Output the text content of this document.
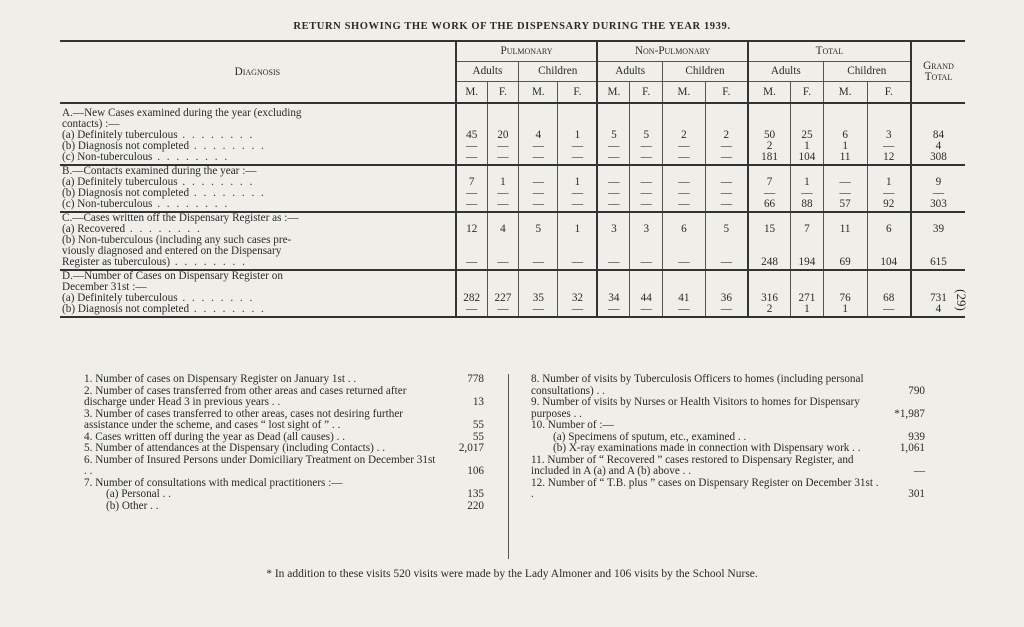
RETURN SHOWING THE WORK OF THE DISPENSARY DURING THE YEAR 1939.
(29)
Diagnosis	Pulmonary				Non-Pulmonary				Total				Grand Total
	Adults		Children		Adults		Children		Adults		Children		
	M.	F.	M.	F.	M.	F.	M.	F.	M.	F.	M.	F.	
A.—New Cases examined during the year (excluding													
contacts) :—													
(a) Definitely tuberculous . . . . . . . .	45	20	4	1	5	5	2	2	50	25	6	3	84
(b) Diagnosis not completed . . . . . . . .	—	—	—	—	—	—	—	—	2	1	1	—	4
(c) Non-tuberculous . . . . . . . .	—	—	—	—	—	—	—	—	181	104	11	12	308
B.—Contacts examined during the year :—													
(a) Definitely tuberculous . . . . . . . .	7	1	—	1	—	—	—	—	7	1	—	1	9
(b) Diagnosis not completed . . . . . . . .	—	—	—	—	—	—	—	—	—	—	—	—	—
(c) Non-tuberculous . . . . . . . .	—	—	—	—	—	—	—	—	66	88	57	92	303
C.—Cases written off the Dispensary Register as :—													
(a) Recovered . . . . . . . .	12	4	5	1	3	3	6	5	15	7	11	6	39
(b) Non-tuberculous (including any such cases pre-													
viously diagnosed and entered on the Dispensary													
Register as tuberculous) . . . . . . . .	—	—	—	—	—	—	—	—	248	194	69	104	615
D.—Number of Cases on Dispensary Register on													
December 31st :—													
(a) Definitely tuberculous . . . . . . . .	282	227	35	32	34	44	41	36	316	271	76	68	731
(b) Diagnosis not completed . . . . . . . .	—	—	—	—	—	—	—	—	2	1	1	—	4
1. Number of cases on Dispensary Register on January 1st . .	778
2. Number of cases transferred from other areas and cases returned after discharge under Head 3 in previous years . .	13
3. Number of cases transferred to other areas, cases not desiring further assistance under the scheme, and cases “ lost sight of ” . .	55
4. Cases written off during the year as Dead (all causes) . .	55
5. Number of attendances at the Dispensary (including Contacts) . .	2,017
6. Number of Insured Persons under Domiciliary Treatment on December 31st . .	106
7. Number of consultations with medical practitioners :—
(a) Personal . .	135
(b) Other . .	220
8. Number of visits by Tuberculosis Officers to homes (including personal consultations) . .	790
9. Number of visits by Nurses or Health Visitors to homes for Dispensary purposes . .	*1,987
10. Number of :—
(a) Specimens of sputum, etc., examined . .	939
(b) X-ray examinations made in connection with Dispensary work . .	1,061
11. Number of “ Recovered ” cases restored to Dispensary Register, and included in A (a) and A (b) above . .	—
12. Number of “ T.B. plus ” cases on Dispensary Register on December 31st . .	301
* In addition to these visits 520 visits were made by the Lady Almoner and 106 visits by the School Nurse.
